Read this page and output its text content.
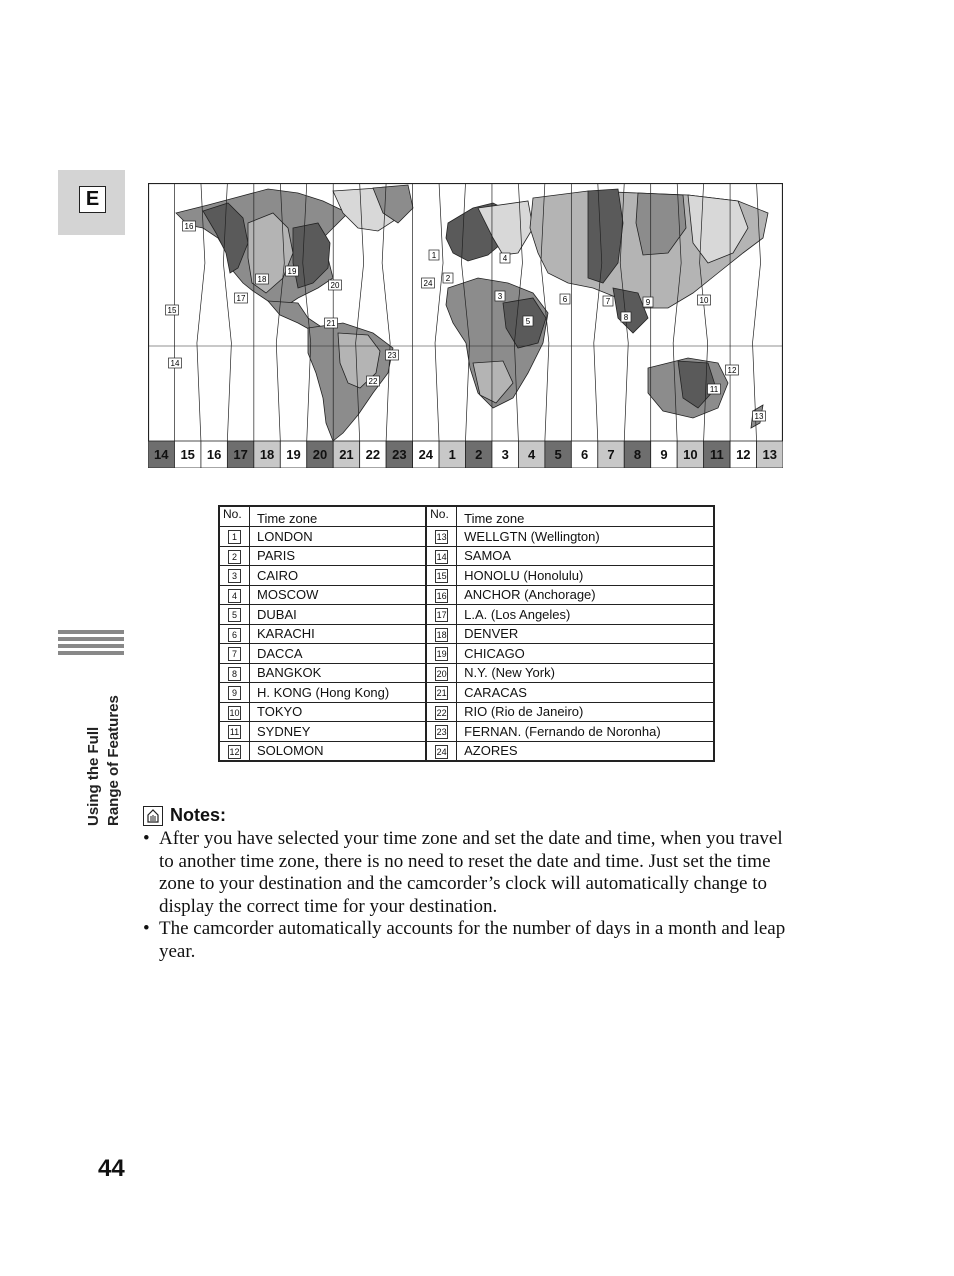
E
Using the Full Range of Features
1
2
3
4
5
6	7
8
9	10
11
12
13
14
15
16
17
18
19
20
21
22
23
24
14 15 16 17 18 19 20 21 22 23 24 1 2 3 4 5 6 7 8 9 10 11 12 13
No.	Time zone	No.	Time zone
1	LONDON	13	WELLGTN (Wellington)
2	PARIS	14	SAMOA
3	CAIRO	15	HONOLU (Honolulu)
4	MOSCOW	16	ANCHOR (Anchorage)
5	DUBAI	17	L.A. (Los Angeles)
6	KARACHI	18	DENVER
7	DACCA	19	CHICAGO
8	BANGKOK	20	N.Y. (New York)
9	H. KONG (Hong Kong)	21	CARACAS
10	TOKYO	22	RIO (Rio de Janeiro)
11	SYDNEY	23	FERNAN. (Fernando de Noronha)
12	SOLOMON	24	AZORES
Notes:
• After you have selected your time zone and set the date and time, when you travel to another time zone, there is no need to reset the date and time. Just set the time zone to your destination and the camcorder’s clock will automatically change to display the correct time for your destination.
• The camcorder automatically accounts for the number of days in a month and leap year.
44
